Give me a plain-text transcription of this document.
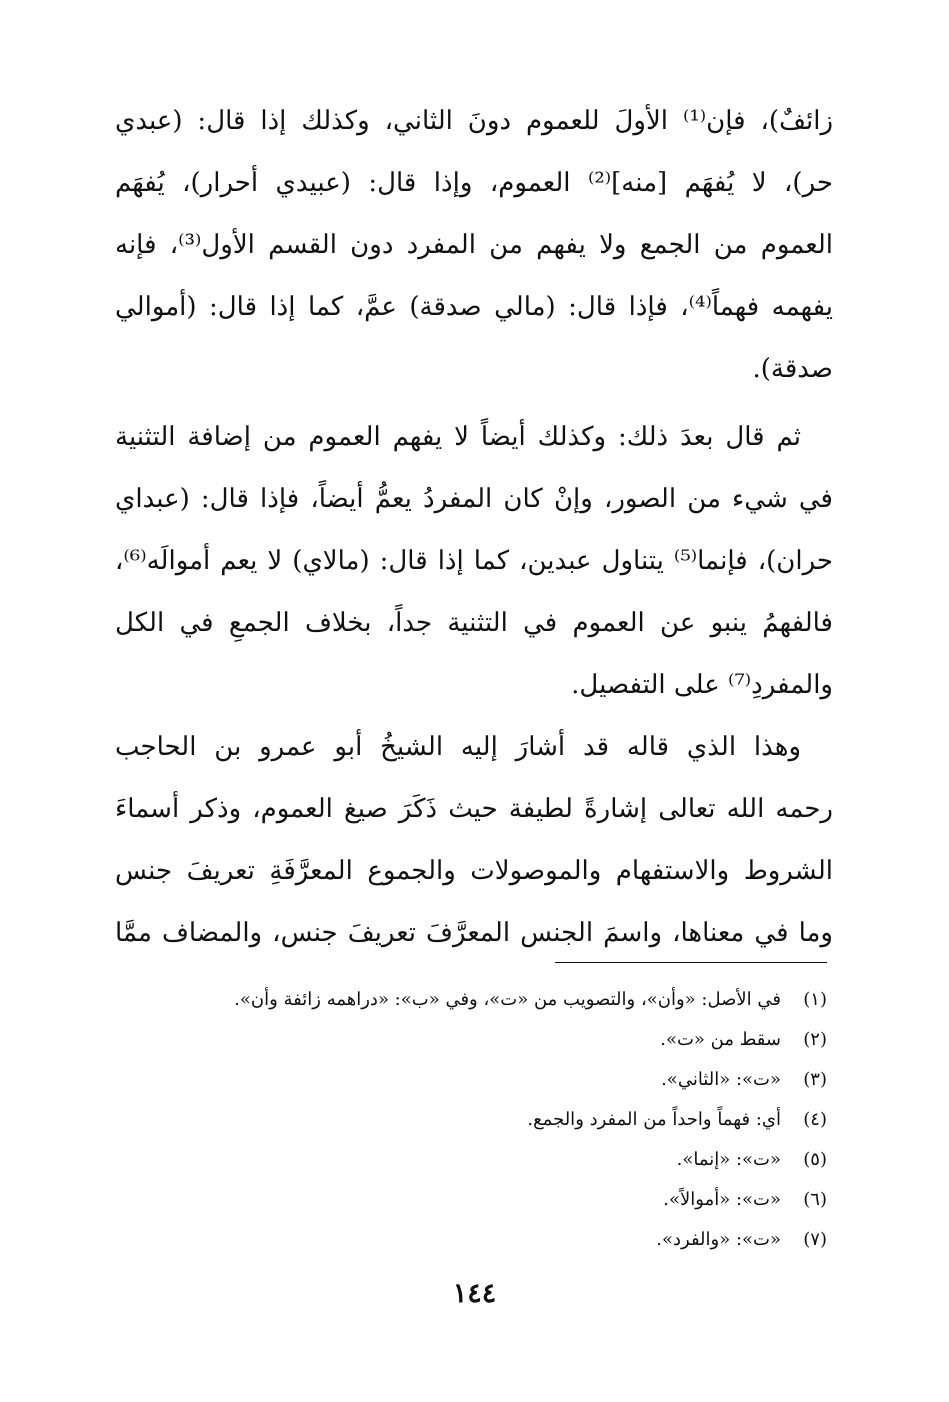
زائفٌ)، فإن⁽¹⁾ الأولَ للعموم دونَ الثاني، وكذلك إذا قال: (عبدي
حر)، لا يُفهَم [منه]⁽²⁾ العموم، وإذا قال: (عبيدي أحرار)، يُفهَم
العموم من الجمع ولا يفهم من المفرد دون القسم الأول⁽³⁾، فإنه
يفهمه فهماً⁽⁴⁾، فإذا قال: (مالي صدقة) عمَّ، كما إذا قال: (أموالي
صدقة).
ثم قال بعدَ ذلك: وكذلك أيضاً لا يفهم العموم من إضافة التثنية
في شيء من الصور، وإنْ كان المفردُ يعمُّ أيضاً، فإذا قال: (عبداي
حران)، فإنما⁽⁵⁾ يتناول عبدين، كما إذا قال: (مالاي) لا يعم أموالَه⁽⁶⁾،
فالفهمُ ينبو عن العموم في التثنية جداً، بخلاف الجمعِ في الكل
والمفردِ⁽⁷⁾ على التفصيل.
وهذا الذي قاله قد أشارَ إليه الشيخُ أبو عمرو بن الحاجب
رحمه الله تعالى إشارةً لطيفة حيث ذَكَرَ صيغ العموم، وذكر أسماءَ
الشروط والاستفهام والموصولات والجموع المعرَّفَةِ تعريفَ جنس
وما في معناها، واسمَ الجنس المعرَّفَ تعريفَ جنس، والمضاف ممَّا
(١)
في الأصل: «وأن»، والتصويب من «ت»، وفي «ب»: «دراهمه زائفة وأن».
(٢)
سقط من «ت».
(٣)
«ت»: «الثاني».
(٤)
أي: فهماً واحداً من المفرد والجمع.
(٥)
«ت»: «إنما».
(٦)
«ت»: «أموالاً».
(٧)
«ت»: «والفرد».
١٤٤
